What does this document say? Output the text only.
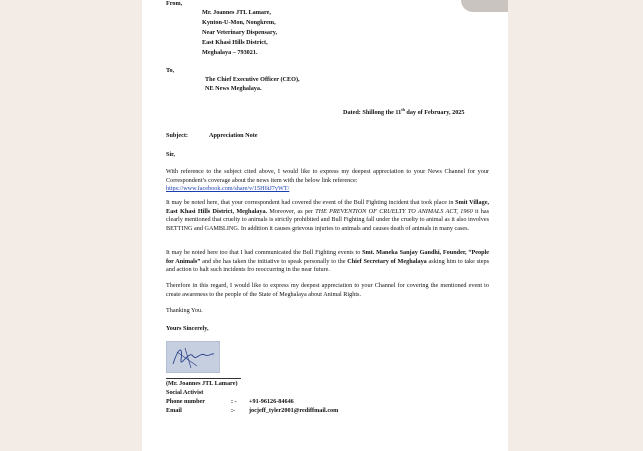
From,
Mr. Joannes JTL Lamare,
Kynton-U-Mon, Nongkrem,
Near Veterinary Dispensary,
East Khasi Hills District,
Meghalaya – 793021.
To,
The Chief Executive Officer (CEO),
NE News Meghalaya.
Dated: Shillong the 11th day of February, 2025
Subject:	Appreciation Note
Sir,
With reference to the subject cited above, I would like to express my deepest appreciation to your News Channel for your Correspondent’s coverage about the news item with the below link reference:
https://www.facebook.com/share/v/15H6tJ7yWT/
It may be noted here, that your correspondent had covered the event of the Bull Fighting incident that took place in Smit Village, East Khasi Hills District, Meghalaya. Moreover, as per THE PREVENTION OF CRUELTY TO ANIMALS ACT, 1960 it has clearly mentioned that cruelty to animals is strictly prohibited and Bull Fighting fall under the cruelty to animal as it also involves BETTING and GAMBLING. In addition it causes grievous injuries to animals and causes death of animals in many cases.
It may be noted here too that I had communicated the Bull Fighting events to Smt. Maneka Sanjay Gandhi, Founder, “People for Animals” and she has taken the initiative to speak personally to the Chief Secretary of Meghalaya asking him to take steps and action to halt such incidents fro reoccurring in the near future.
Therefore in this regard, I would like to express my deepest appreciation to your Channel for covering the mentioned event to create awareness to the people of the State of Meghalaya about Animal Rights.
Thanking You.
Yours Sincerely,
(Mr. Joannes JTL Lamare)
Social Activist
Phone number	: - +91-96126-84646
Email	:- jocjeff_tyler2001@rediffmail.com
